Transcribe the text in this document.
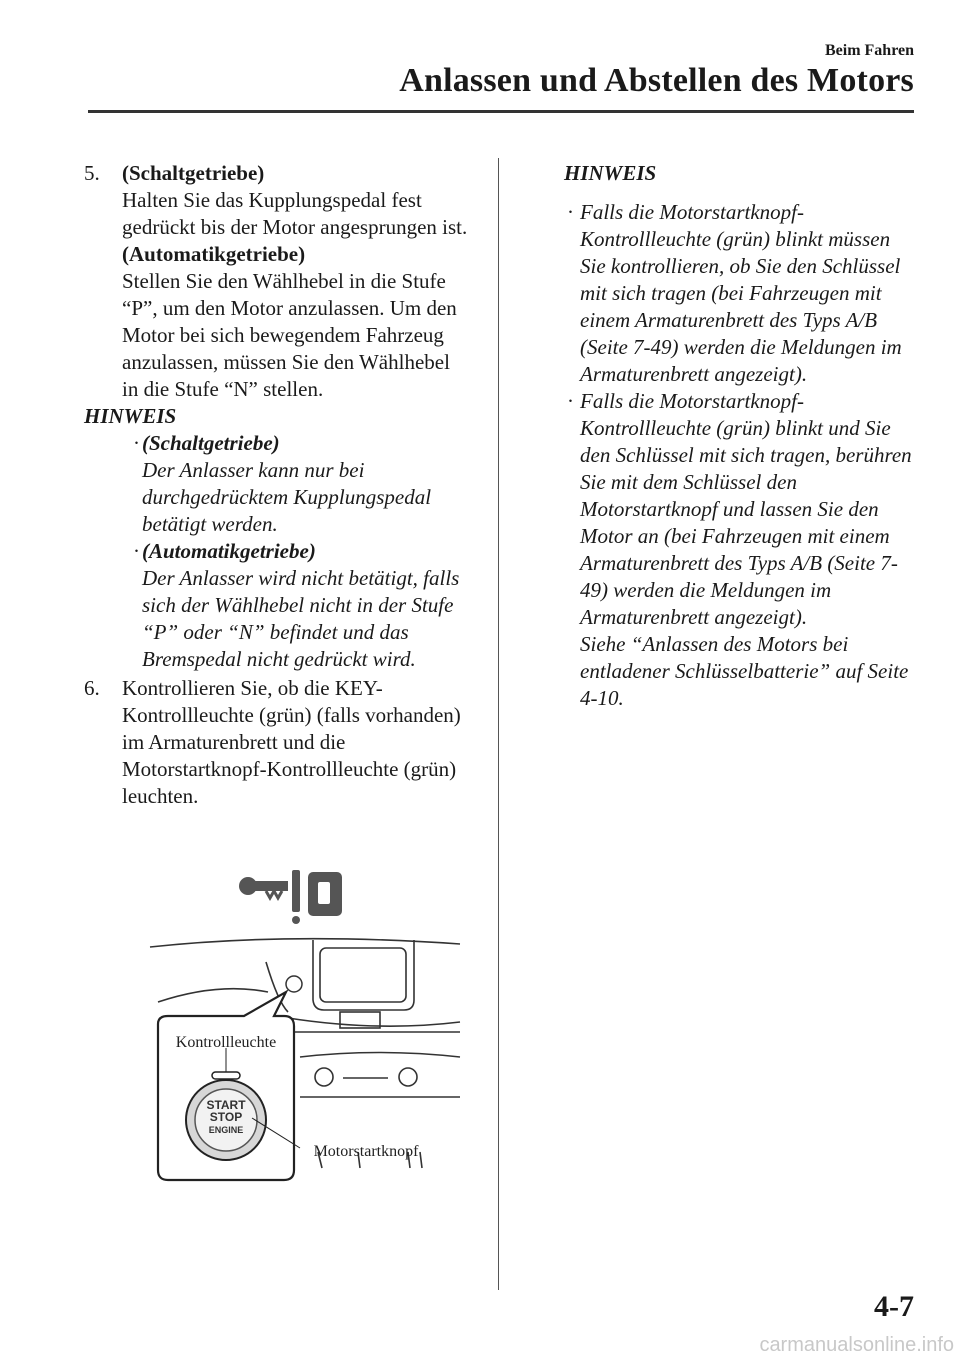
Beim Fahren
Anlassen und Abstellen des Motors
5. (Schaltgetriebe)

Halten Sie das Kupplungspedal fest gedrückt bis der Motor angesprungen ist.

(Automatikgetriebe)

Stellen Sie den Wählhebel in die Stufe “P”, um den Motor anzulassen. Um den Motor bei sich bewegendem Fahrzeug anzulassen, müssen Sie den Wählhebel in die Stufe “N” stellen.

HINWEIS

· (Schaltgetriebe)

Der Anlasser kann nur bei durchgedrücktem Kupplungspedal betätigt werden.

· (Automatikgetriebe)

Der Anlasser wird nicht betätigt, falls sich der Wählhebel nicht in der Stufe “P” oder “N” befindet und das Bremspedal nicht gedrückt wird.

6. Kontrollieren Sie, ob die KEY-Kontrollleuchte (grün) (falls vorhanden) im Armaturenbrett und die Motorstartknopf-Kontrollleuchte (grün) leuchten.

START
STOP
ENGINE
Kontrollleuchte
Motorstartknopf

HINWEIS

· Falls die Motorstartknopf-Kontrollleuchte (grün) blinkt müssen Sie kontrollieren, ob Sie den Schlüssel mit sich tragen (bei Fahrzeugen mit einem Armaturenbrett des Typs A/B (Seite 7-49) werden die Meldungen im Armaturenbrett angezeigt).

· Falls die Motorstartknopf-Kontrollleuchte (grün) blinkt und Sie den Schlüssel mit sich tragen, berühren Sie mit dem Schlüssel den Motorstartknopf und lassen Sie den Motor an (bei Fahrzeugen mit einem Armaturenbrett des Typs A/B (Seite 7-49) werden die Meldungen im Armaturenbrett angezeigt).

Siehe “Anlassen des Motors bei entladener Schlüsselbatterie” auf Seite 4-10.

4-7
carmanualsonline.info
